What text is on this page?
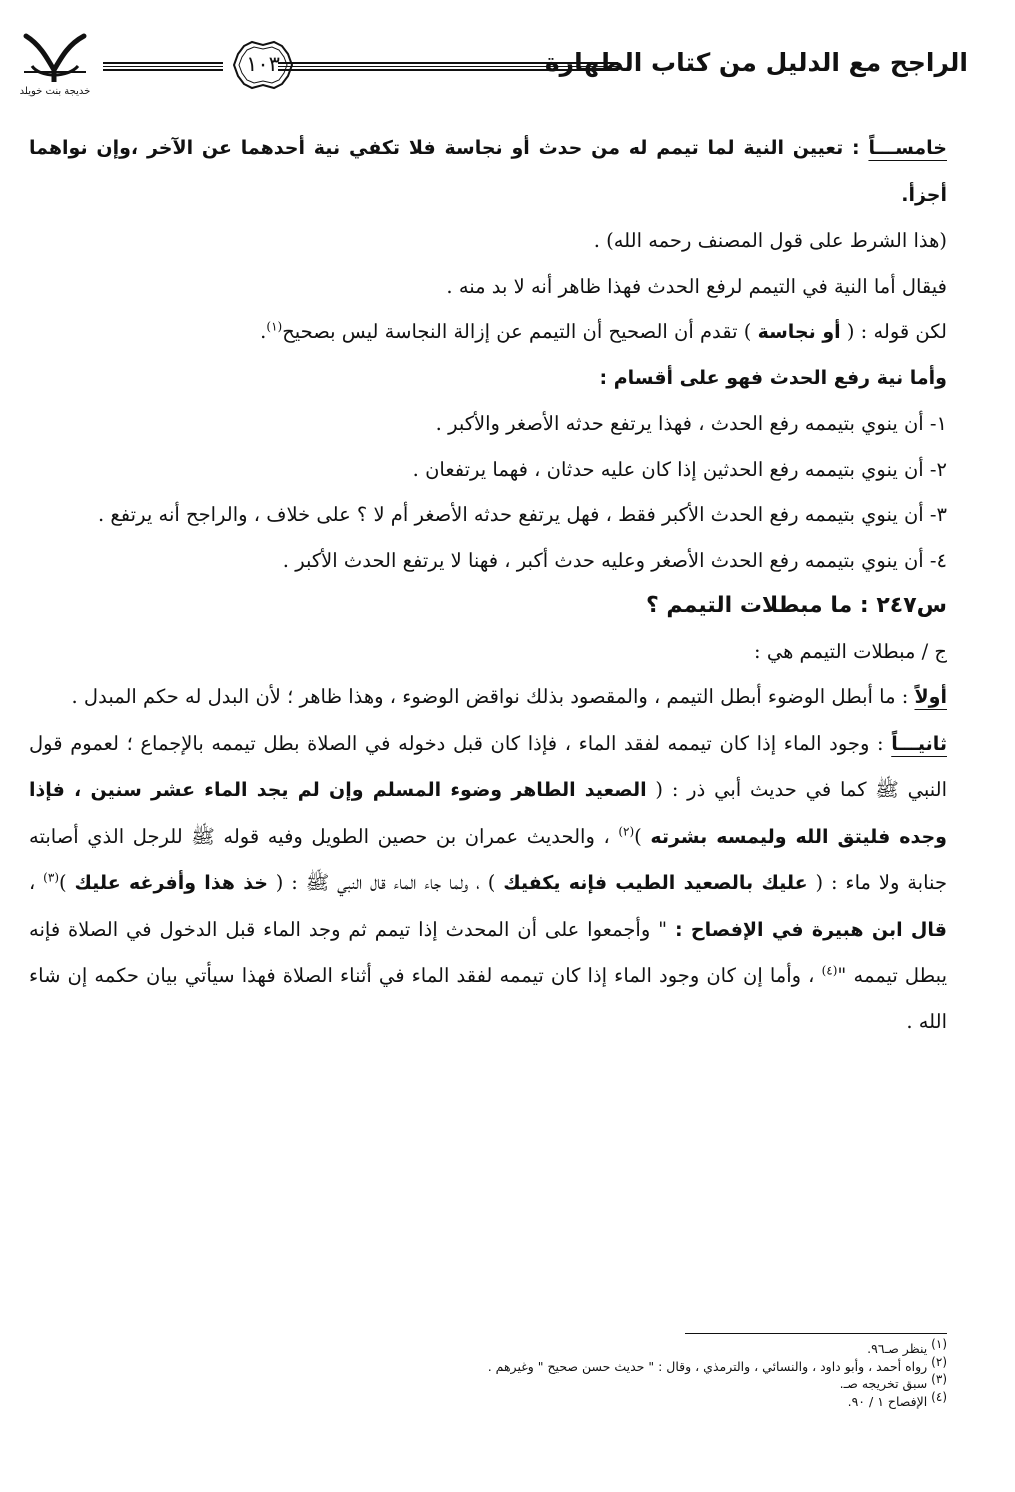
الراجح مع الدليل من كتاب الطهارة
١٠٣
خديجة بنت خويلد

خامســـاً : تعيين النية لما تيمم له من حدث أو نجاسة فلا تكفي نية أحدهما عن الآخر ،وإن نواهما أجزأ.

(هذا الشرط على قول المصنف رحمه الله) .

فيقال أما النية في التيمم لرفع الحدث فهذا ظاهر أنه لا بد منه .

لكن قوله : ( أو نجاسة ) تقدم أن الصحيح أن التيمم عن إزالة النجاسة ليس بصحيح$^{(١)}$.

وأما نية رفع الحدث فهو على أقسام :

١- أن ينوي بتيممه رفع الحدث ، فهذا يرتفع حدثه الأصغر والأكبر .

٢- أن ينوي بتيممه رفع الحدثين إذا كان عليه حدثان ، فهما يرتفعان .

٣- أن ينوي بتيممه رفع الحدث الأكبر فقط ، فهل يرتفع حدثه الأصغر أم لا ؟ على خلاف ، والراجح أنه يرتفع .

٤- أن ينوي بتيممه رفع الحدث الأصغر وعليه حدث أكبر ، فهنا لا يرتفع الحدث الأكبر .

س٢٤٧ : ما مبطلات التيمم ؟

ج / مبطلات التيمم هي :

أولاً : ما أبطل الوضوء أبطل التيمم ، والمقصود بذلك نواقض الوضوء ، وهذا ظاهر ؛ لأن البدل له حكم المبدل .

ثانيـــاً : وجود الماء إذا كان تيممه لفقد الماء ، فإذا كان قبل دخوله في الصلاة بطل تيممه بالإجماع ؛ لعموم قول النبي ﷺ كما في حديث أبي ذر : ( الصعيد الطاهر وضوء المسلم وإن لم يجد الماء عشر سنين ، فإذا وجده فليتق الله وليمسه بشرته )$^{(٢)}$ ، والحديث عمران بن حصين الطويل وفيه قوله ﷺ للرجل الذي أصابته جنابة ولا ماء : ( عليك بالصعيد الطيب فإنه يكفيك ) ، ولما جاء الماء قال النبي ﷺ : ( خذ هذا وأفرغه عليك )$^{(٣)}$ ، قال ابن هبيرة في الإفصاح : " وأجمعوا على أن المحدث إذا تيمم ثم وجد الماء قبل الدخول في الصلاة فإنه يبطل تيممه "$^{(٤)}$ ، وأما إن كان وجود الماء إذا كان تيممه لفقد الماء في أثناء الصلاة فهذا سيأتي بيان حكمه إن شاء الله .

$^{(١)}$ ينظر صـ٩٦.

$^{(٢)}$ رواه أحمد ، وأبو داود ، والنسائي ، والترمذي ، وقال : " حديث حسن صحيح " وغيرهم .

$^{(٣)}$ سبق تخريجه صـ.

$^{(٤)}$ الإفصاح ١ / ٩٠.
